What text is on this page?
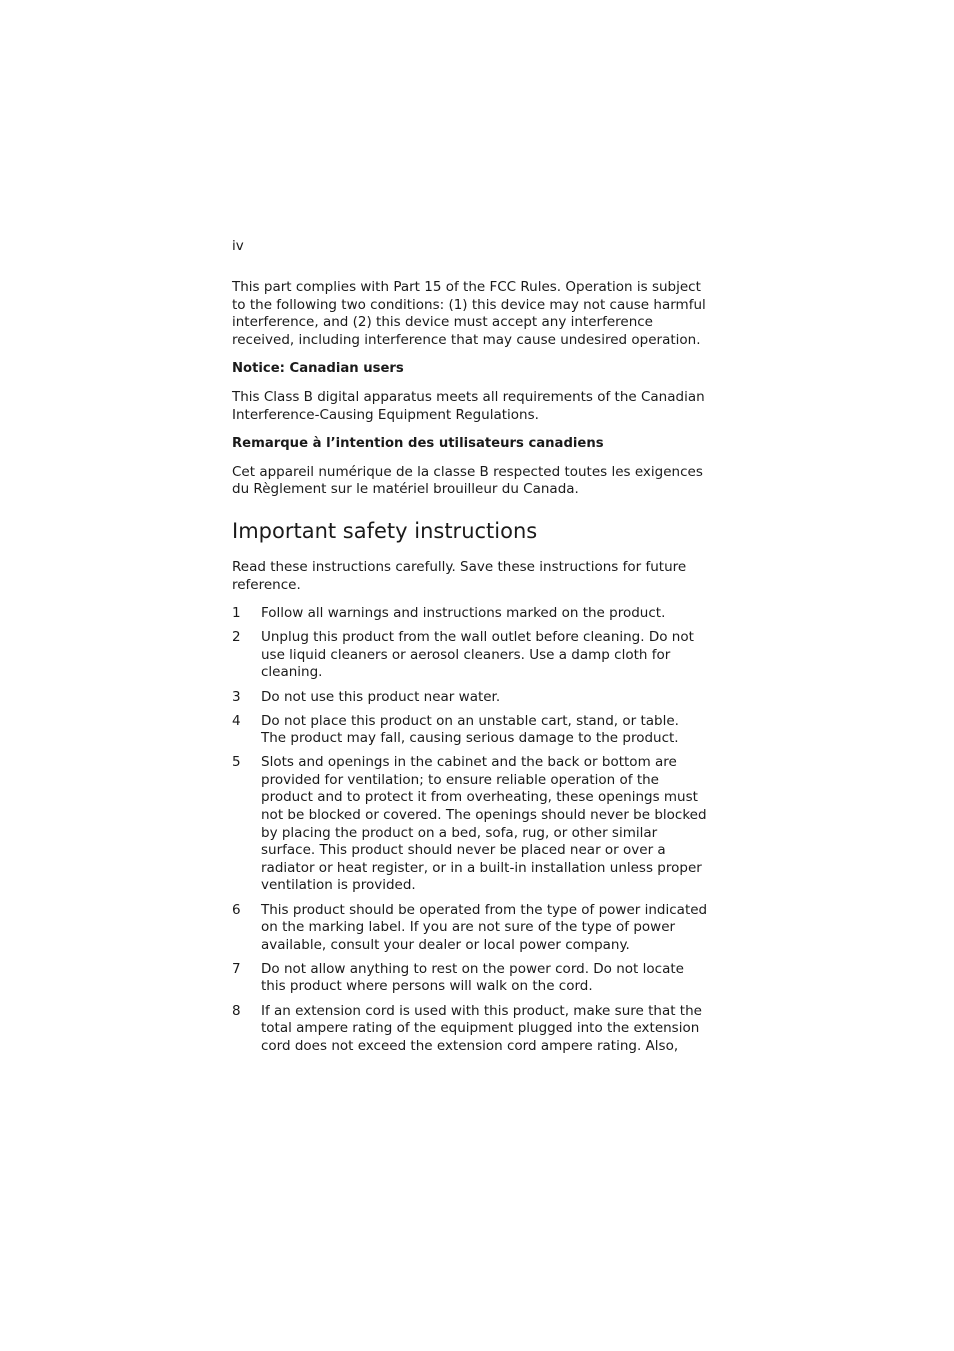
iv

This part complies with Part 15 of the FCC Rules. Operation is subject to the following two conditions: (1) this device may not cause harmful interference, and (2) this device must accept any interference received, including interference that may cause undesired operation.

Notice: Canadian users

This Class B digital apparatus meets all requirements of the Canadian Interference-Causing Equipment Regulations.

Remarque à l’intention des utilisateurs canadiens

Cet appareil numérique de la classe B respected toutes les exigences du Règlement sur le matériel brouilleur du Canada.

Important safety instructions

Read these instructions carefully. Save these instructions for future reference.

1	Follow all warnings and instructions marked on the product.
2	Unplug this product from the wall outlet before cleaning. Do not use liquid cleaners or aerosol cleaners. Use a damp cloth for cleaning.
3	Do not use this product near water.
4	Do not place this product on an unstable cart, stand, or table. The product may fall, causing serious damage to the product.
5	Slots and openings in the cabinet and the back or bottom are provided for ventilation; to ensure reliable operation of the product and to protect it from overheating, these openings must not be blocked or covered. The openings should never be blocked by placing the product on a bed, sofa, rug, or other similar surface. This product should never be placed near or over a radiator or heat register, or in a built-in installation unless proper ventilation is provided.
6	This product should be operated from the type of power indicated on the marking label. If you are not sure of the type of power available, consult your dealer or local power company.
7	Do not allow anything to rest on the power cord. Do not locate this product where persons will walk on the cord.
8	If an extension cord is used with this product, make sure that the total ampere rating of the equipment plugged into the extension cord does not exceed the extension cord ampere rating. Also,
